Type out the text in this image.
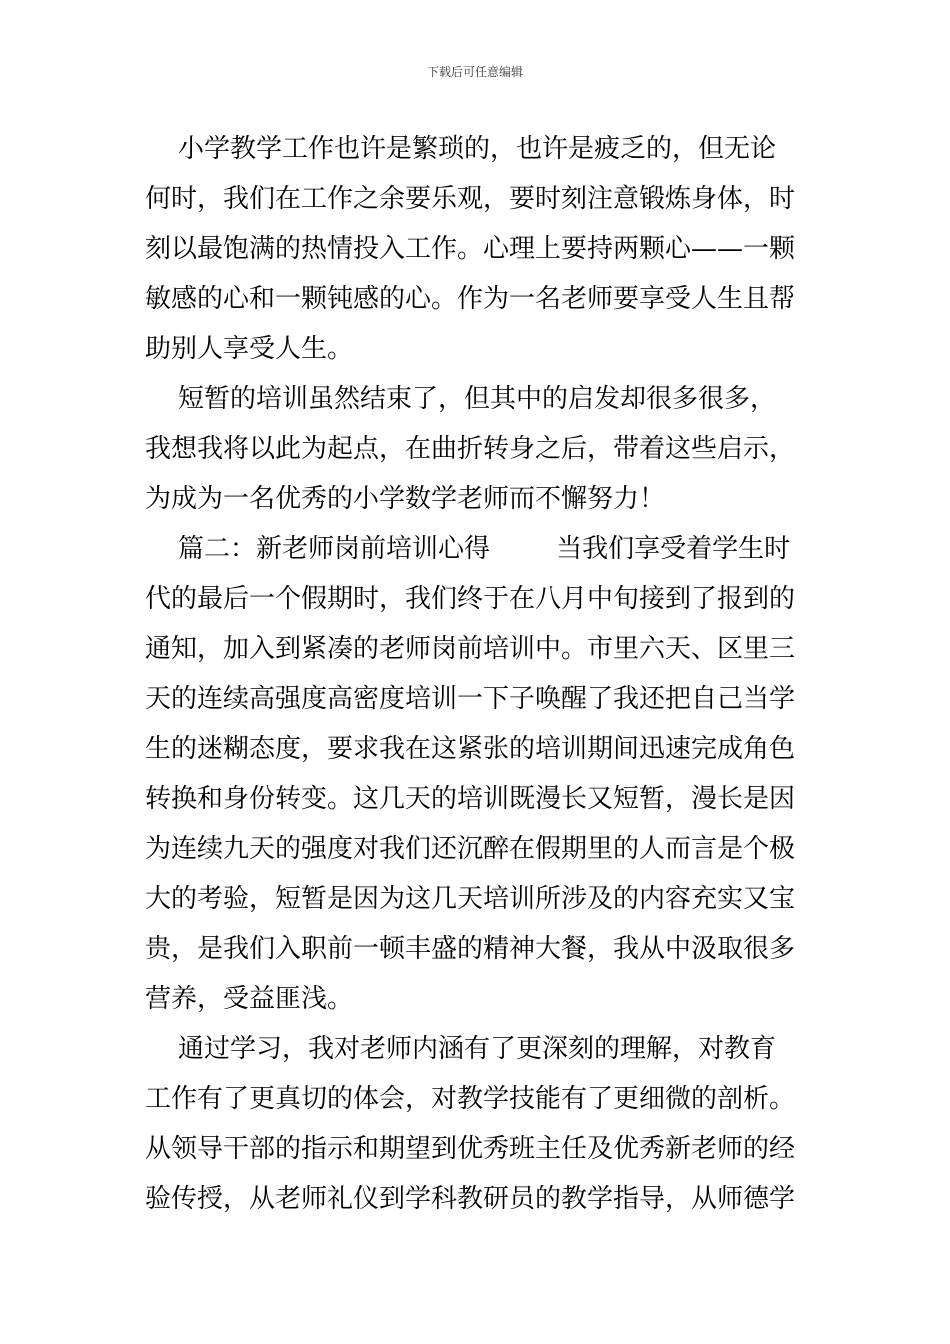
下载后可任意编辑
小学教学工作也许是繁琐的，也许是疲乏的，但无论
何时，我们在工作之余要乐观，要时刻注意锻炼身体，时
刻以最饱满的热情投入工作。心理上要持两颗心——一颗
敏感的心和一颗钝感的心。作为一名老师要享受人生且帮
助别人享受人生。
短暂的培训虽然结束了，但其中的启发却很多很多，
我想我将以此为起点，在曲折转身之后，带着这些启示，
为成为一名优秀的小学数学老师而不懈努力！
篇二：新老师岗前培训心得        当我们享受着学生时
代的最后一个假期时，我们终于在八月中旬接到了报到的
通知，加入到紧凑的老师岗前培训中。市里六天、区里三
天的连续高强度高密度培训一下子唤醒了我还把自己当学
生的迷糊态度，要求我在这紧张的培训期间迅速完成角色
转换和身份转变。这几天的培训既漫长又短暂，漫长是因
为连续九天的强度对我们还沉醉在假期里的人而言是个极
大的考验，短暂是因为这几天培训所涉及的内容充实又宝
贵，是我们入职前一顿丰盛的精神大餐，我从中汲取很多
营养，受益匪浅。
通过学习，我对老师内涵有了更深刻的理解，对教育
工作有了更真切的体会，对教学技能有了更细微的剖析。
从领导干部的指示和期望到优秀班主任及优秀新老师的经
验传授，从老师礼仪到学科教研员的教学指导，从师德学
